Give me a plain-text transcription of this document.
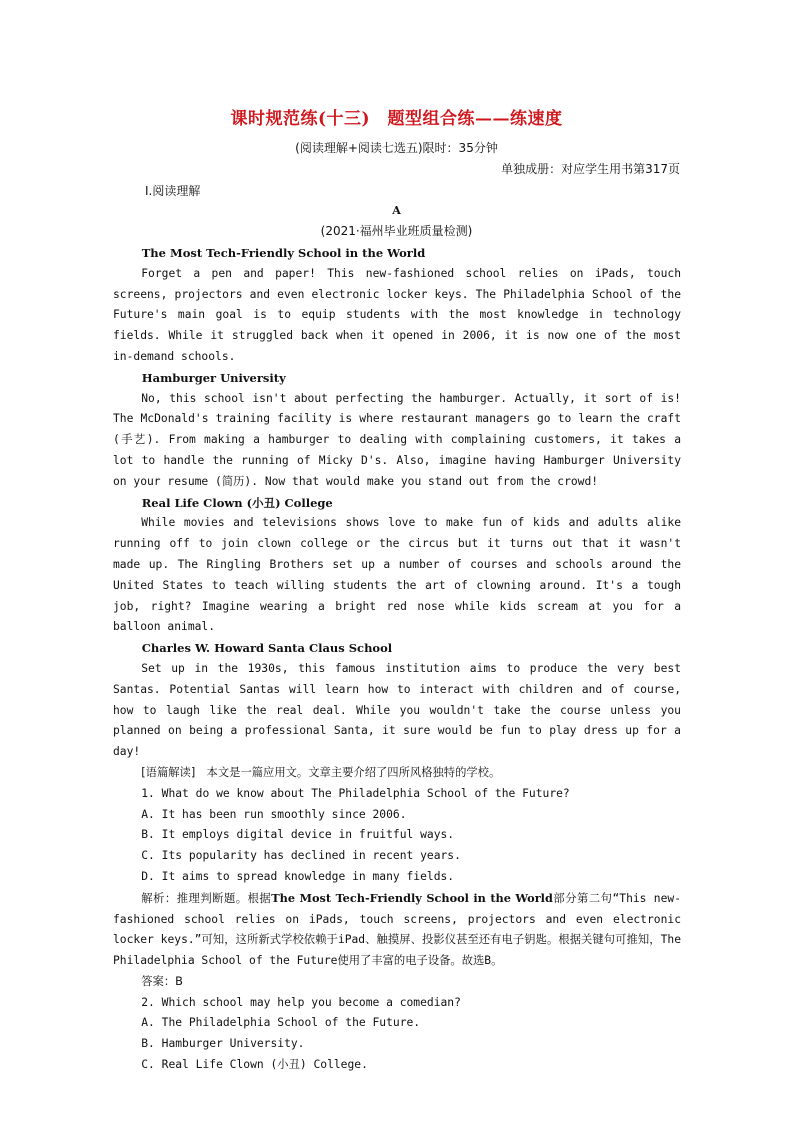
课时规范练(十三)　题型组合练——练速度
(阅读理解+阅读七选五)限时：35分钟
单独成册：对应学生用书第317页
Ⅰ.阅读理解
A
(2021·福州毕业班质量检测)

The Most Tech-Friendly School in the World

Forget a pen and paper! This new-fashioned school relies on iPads, touch screens, projectors and even electronic locker keys. The Philadelphia School of the Future's main goal is to equip students with the most knowledge in technology fields. While it struggled back when it opened in 2006, it is now one of the most in-demand schools.

Hamburger University

No, this school isn't about perfecting the hamburger. Actually, it sort of is! The McDonald's training facility is where restaurant managers go to learn the craft (手艺). From making a hamburger to dealing with complaining customers, it takes a lot to handle the running of Micky D's. Also, imagine having Hamburger University on your resume (简历). Now that would make you stand out from the crowd!

Real Life Clown (小丑) College

While movies and televisions shows love to make fun of kids and adults alike running off to join clown college or the circus but it turns out that it wasn't made up. The Ringling Brothers set up a number of courses and schools around the United States to teach willing students the art of clowning around. It's a tough job, right? Imagine wearing a bright red nose while kids scream at you for a balloon animal.

Charles W. Howard Santa Claus School

Set up in the 1930s, this famous institution aims to produce the very best Santas. Potential Santas will learn how to interact with children and of course, how to laugh like the real deal. While you wouldn't take the course unless you planned on being a professional Santa, it sure would be fun to play dress up for a day!

[语篇解读]　本文是一篇应用文。文章主要介绍了四所风格独特的学校。

1. What do we know about The Philadelphia School of the Future?
A. It has been run smoothly since 2006.
B. It employs digital device in fruitful ways.
C. Its popularity has declined in recent years.
D. It aims to spread knowledge in many fields.

解析：推理判断题。根据The Most Tech-Friendly School in the World部分第二句“This new-fashioned school relies on iPads, touch screens, projectors and even electronic locker keys.”可知，这所新式学校依赖于iPad、触摸屏、投影仪甚至还有电子钥匙。根据关键句可推知，The Philadelphia School of the Future使用了丰富的电子设备。故选B。

答案：B
2. Which school may help you become a comedian?
A. The Philadelphia School of the Future.
B. Hamburger University.
C. Real Life Clown (小丑) College.
